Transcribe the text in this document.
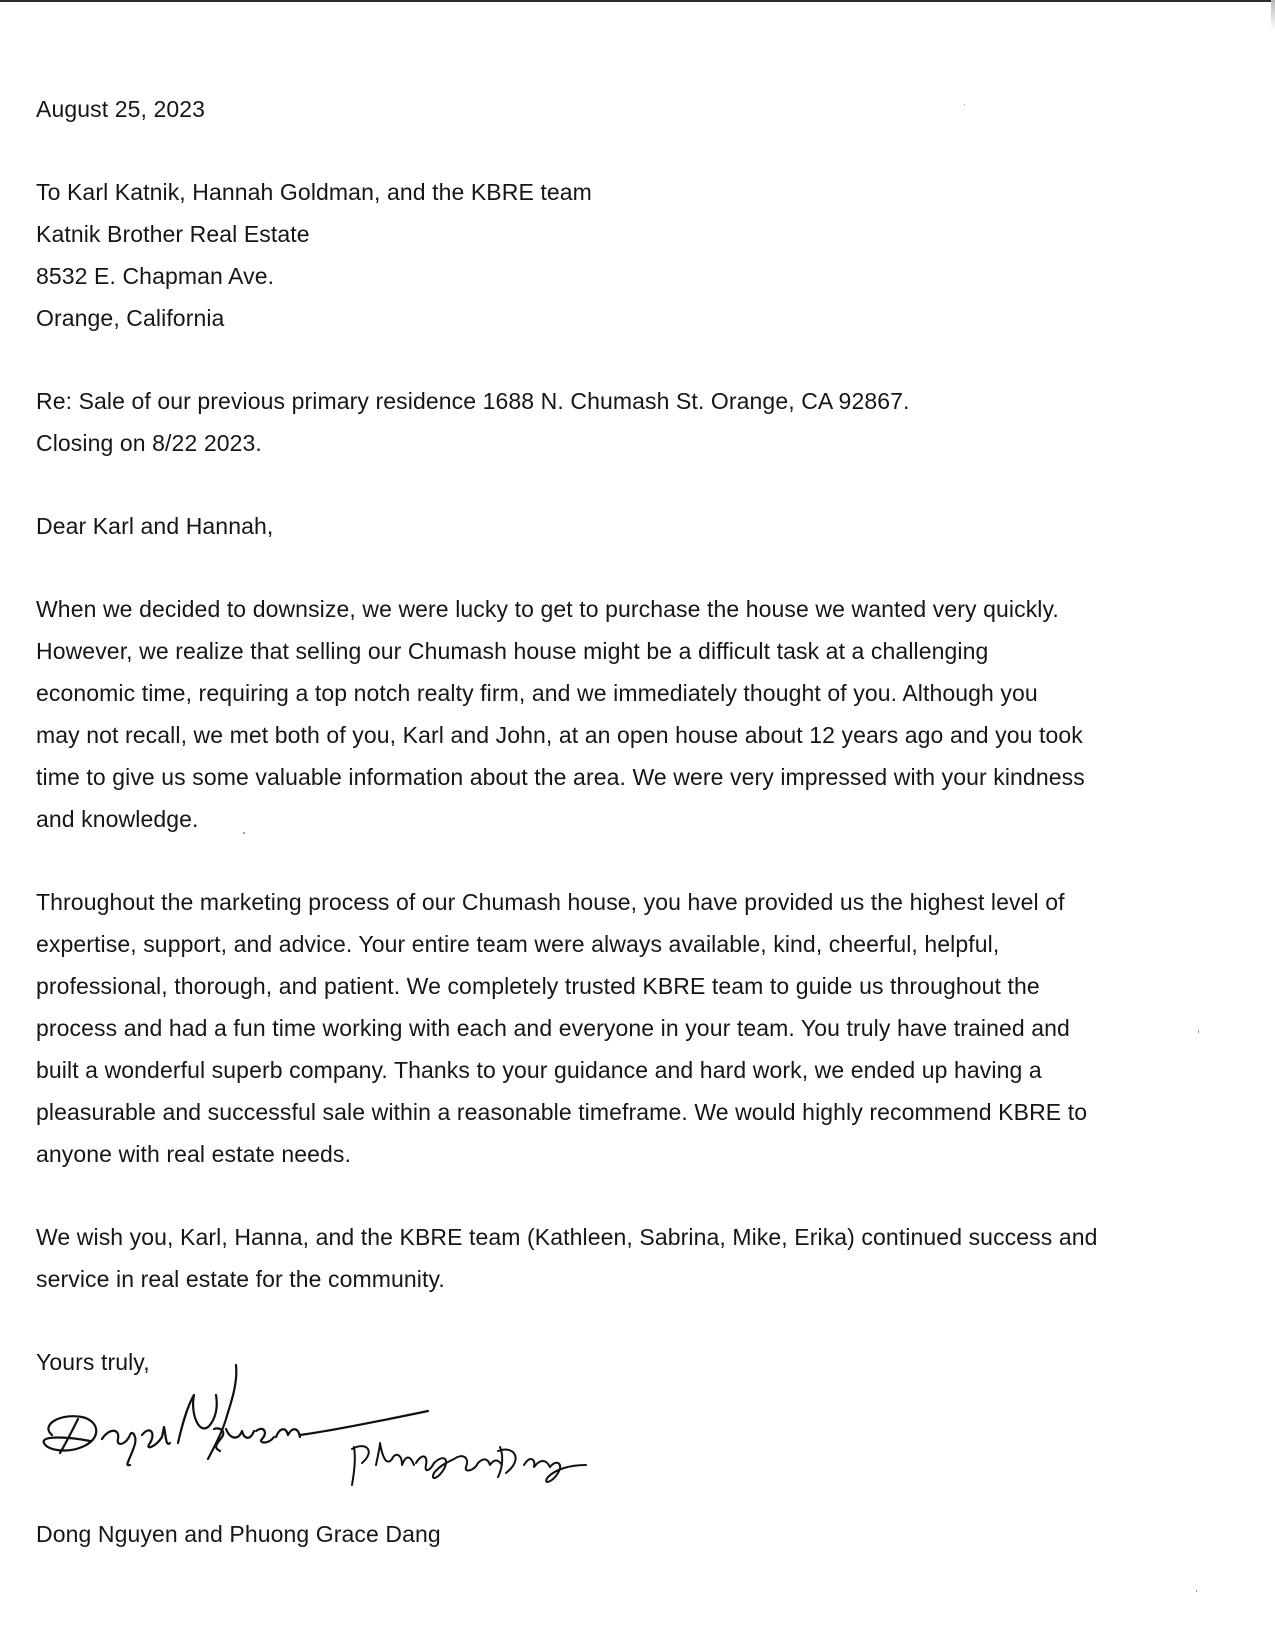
August 25, 2023
To Karl Katnik, Hannah Goldman, and the KBRE team
Katnik Brother Real Estate
8532 E. Chapman Ave.
Orange, California
Re: Sale of our previous primary residence 1688 N. Chumash St. Orange, CA 92867.
Closing on 8/22 2023.
Dear Karl and Hannah,
When we decided to downsize, we were lucky to get to purchase the house we wanted very quickly.
However, we realize that selling our Chumash house might be a difficult task at a challenging
economic time, requiring a top notch realty firm, and we immediately thought of you. Although you
may not recall, we met both of you, Karl and John, at an open house about 12 years ago and you took
time to give us some valuable information about the area. We were very impressed with your kindness
and knowledge.
Throughout the marketing process of our Chumash house, you have provided us the highest level of
expertise, support, and advice. Your entire team were always available, kind, cheerful, helpful,
professional, thorough, and patient. We completely trusted KBRE team to guide us throughout the
process and had a fun time working with each and everyone in your team. You truly have trained and
built a wonderful superb company. Thanks to your guidance and hard work, we ended up having a
pleasurable and successful sale within a reasonable timeframe. We would highly recommend KBRE to
anyone with real estate needs.
We wish you, Karl, Hanna, and the KBRE team (Kathleen, Sabrina, Mike, Erika) continued success and
service in real estate for the community.
Yours truly,
Dong Nguyen and Phuong Grace Dang
